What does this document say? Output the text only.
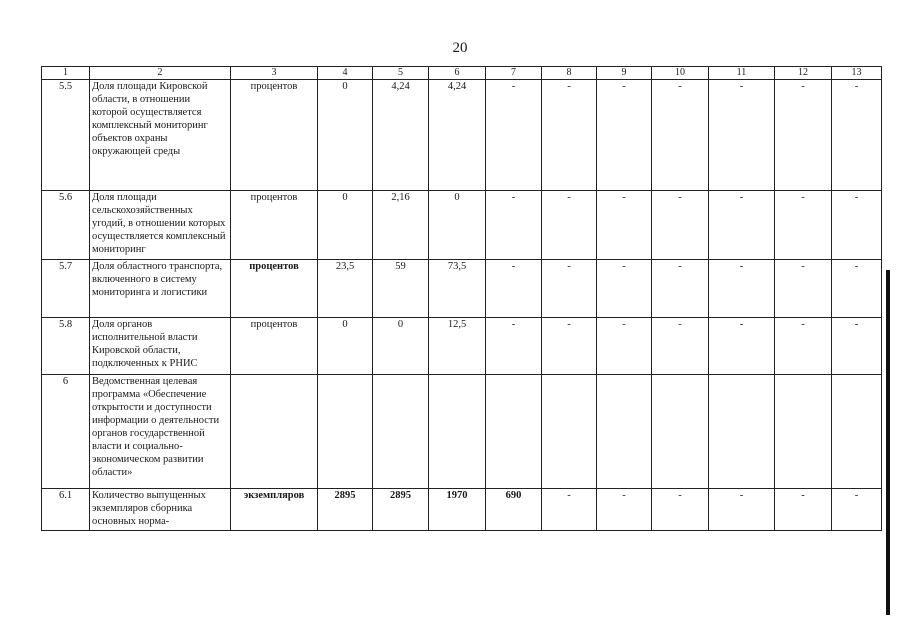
20
1	2	3	4	5	6	7	8	9	10	11	12	13
5.5	Доля площади Кировской области, в отношении которой осуществляется комплексный мониторинг объектов охраны окружающей среды	процентов	0	4,24	4,24	-	-	-	-	-	-	-
5.6	Доля площади сельскохозяйственных угодий, в отношении которых осуществляется комплексный мониторинг	процентов	0	2,16	0	-	-	-	-	-	-	-
5.7	Доля областного транспорта, включенного в систему мониторинга и логистики	процентов	23,5	59	73,5	-	-	-	-	-	-	-
5.8	Доля органов исполнительной власти Кировской области, подключенных к РНИС	процентов	0	0	12,5	-	-	-	-	-	-	-
6	Ведомственная целевая программа «Обеспечение открытости и доступности информации о деятельности органов государственной власти и социально-экономическом развитии области»											
6.1	Количество выпущенных экземпляров сборника основных норма-	экземпляров	2895	2895	1970	690	-	-	-	-	-	-
